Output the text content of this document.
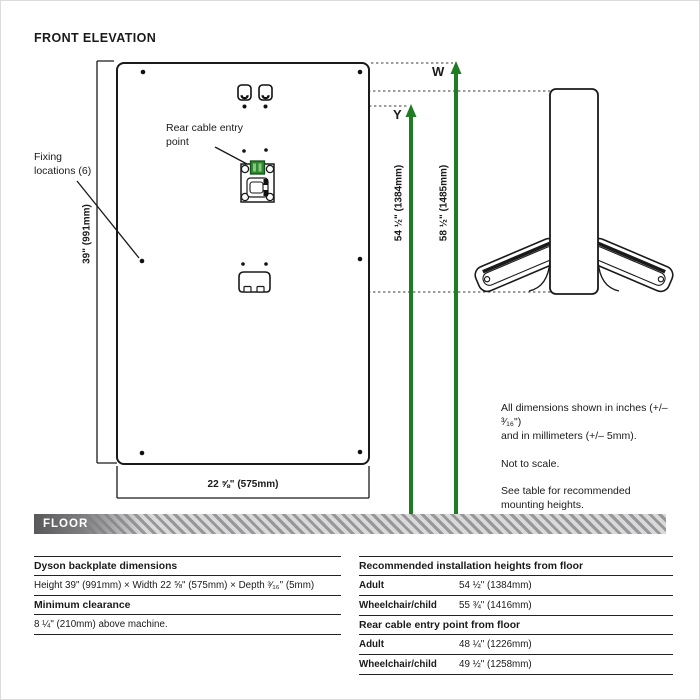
FRONT ELEVATION
Fixing locations (6)
Rear cable entry point
39" (991mm)
22 ⅝" (575mm)
W
Y
54 ½" (1384mm)	58 ½" (1485mm)

All dimensions shown in inches (+/– ³⁄₁₆")
and in millimeters (+/– 5mm).

Not to scale.

See table for recommended
mounting heights.

FLOOR
Dyson backplate dimensions
Height 39" (991mm) × Width 22 ⅝" (575mm) × Depth ³⁄₁₆" (5mm)
Minimum clearance
8 ¼" (210mm) above machine.
Recommended installation heights from floor
Adult	54 ½" (1384mm)
Wheelchair/child	55 ¾" (1416mm)
Rear cable entry point from floor
Adult	48 ¼" (1226mm)
Wheelchair/child	49 ½" (1258mm)
